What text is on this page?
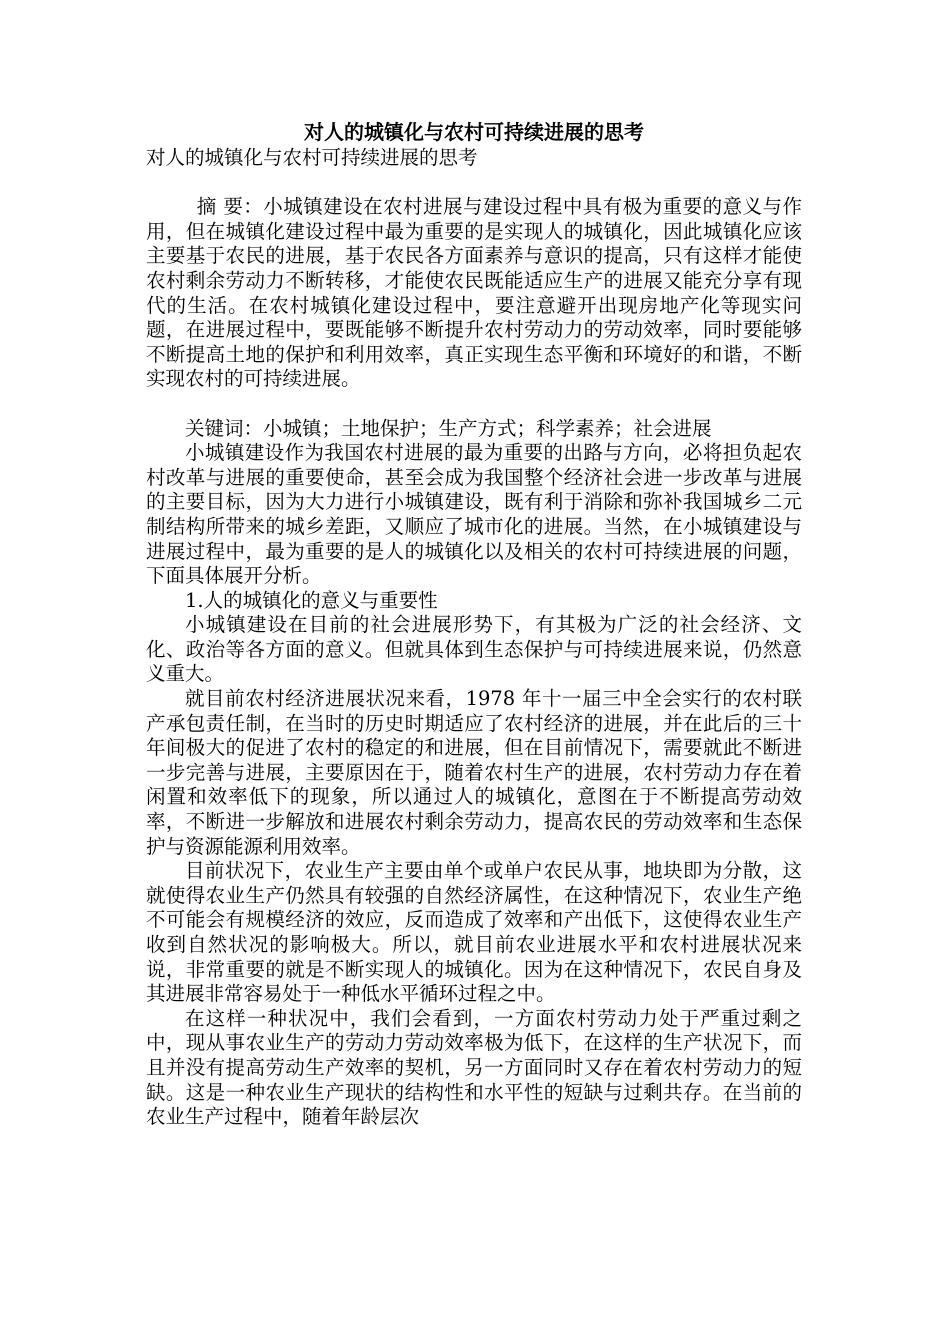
对人的城镇化与农村可持续进展的思考

对人的城镇化与农村可持续进展的思考

摘 要：小城镇建设在农村进展与建设过程中具有极为重要的意义与作用，但在城镇化建设过程中最为重要的是实现人的城镇化，因此城镇化应该主要基于农民的进展，基于农民各方面素养与意识的提高，只有这样才能使农村剩余劳动力不断转移，才能使农民既能适应生产的进展又能充分享有现代的生活。在农村城镇化建设过程中，要注意避开出现房地产化等现实问题，在进展过程中，要既能够不断提升农村劳动力的劳动效率，同时要能够不断提高土地的保护和利用效率，真正实现生态平衡和环境好的和谐，不断实现农村的可持续进展。

关键词：小城镇；土地保护；生产方式；科学素养；社会进展

小城镇建设作为我国农村进展的最为重要的出路与方向，必将担负起农村改革与进展的重要使命，甚至会成为我国整个经济社会进一步改革与进展的主要目标，因为大力进行小城镇建设，既有利于消除和弥补我国城乡二元制结构所带来的城乡差距，又顺应了城市化的进展。当然，在小城镇建设与进展过程中，最为重要的是人的城镇化以及相关的农村可持续进展的问题，下面具体展开分析。

1.人的城镇化的意义与重要性

小城镇建设在目前的社会进展形势下，有其极为广泛的社会经济、文化、政治等各方面的意义。但就具体到生态保护与可持续进展来说，仍然意义重大。

就目前农村经济进展状况来看，1978 年十一届三中全会实行的农村联产承包责任制，在当时的历史时期适应了农村经济的进展，并在此后的三十年间极大的促进了农村的稳定的和进展，但在目前情况下，需要就此不断进一步完善与进展，主要原因在于，随着农村生产的进展，农村劳动力存在着闲置和效率低下的现象，所以通过人的城镇化，意图在于不断提高劳动效率，不断进一步解放和进展农村剩余劳动力，提高农民的劳动效率和生态保护与资源能源利用效率。

目前状况下，农业生产主要由单个或单户农民从事，地块即为分散，这就使得农业生产仍然具有较强的自然经济属性，在这种情况下，农业生产绝不可能会有规模经济的效应，反而造成了效率和产出低下，这使得农业生产收到自然状况的影响极大。所以，就目前农业进展水平和农村进展状况来说，非常重要的就是不断实现人的城镇化。因为在这种情况下，农民自身及其进展非常容易处于一种低水平循环过程之中。

在这样一种状况中，我们会看到，一方面农村劳动力处于严重过剩之中，现从事农业生产的劳动力劳动效率极为低下，在这样的生产状况下，而且并没有提高劳动生产效率的契机，另一方面同时又存在着农村劳动力的短缺。这是一种农业生产现状的结构性和水平性的短缺与过剩共存。在当前的农业生产过程中，随着年龄层次
